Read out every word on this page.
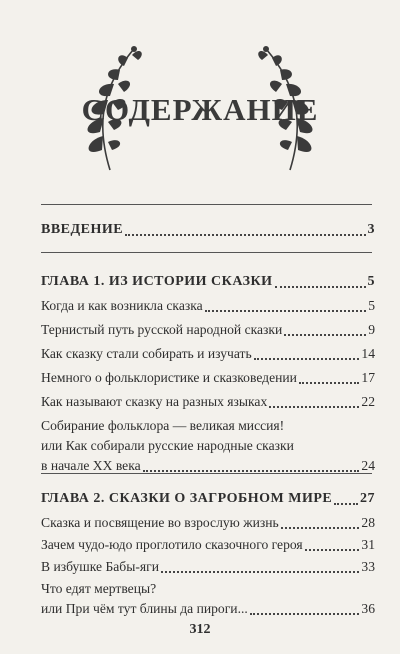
СОДЕРЖАНИЕ
ВВЕДЕНИЕ	3
ГЛАВА 1. ИЗ ИСТОРИИ СКАЗКИ	5
Когда и как возникла сказка	5
Тернистый путь русской народной сказки	9
Как сказку стали собирать и изучать	14
Немного о фольклористике и сказковедении	17
Как называют сказку на разных языках	22
Собирание фольклора — великая миссия!
или Как собирали русские народные сказки
в начале XX века	24
ГЛАВА 2. СКАЗКИ О ЗАГРОБНОМ МИРЕ 27
Сказка и посвящение во взрослую жизнь	28
Зачем чудо-юдо проглотило сказочного героя	31
В избушке Бабы-яги	33
Что едят мертвецы?
или При чём тут блины да пироги...	36
312
